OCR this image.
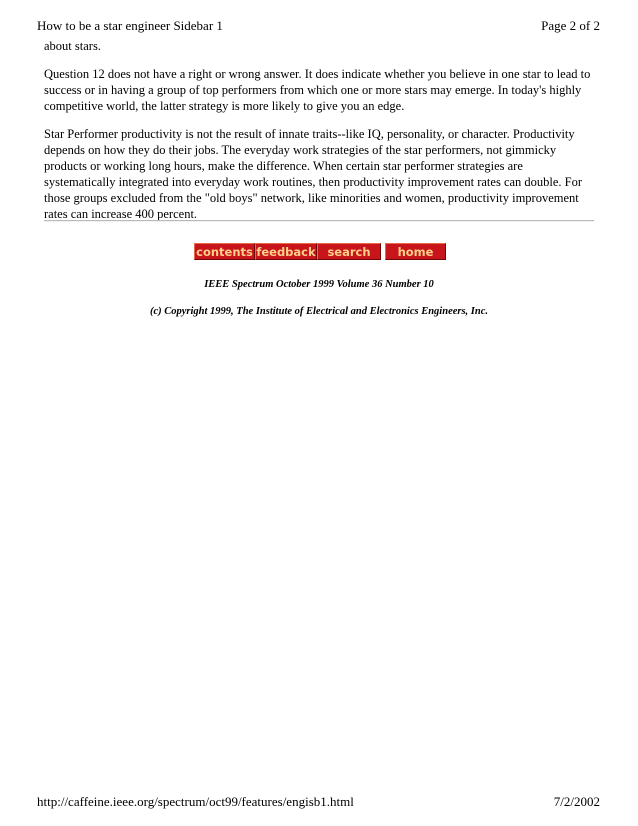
How to be a star engineer Sidebar 1	Page 2 of 2

about stars.

Question 12 does not have a right or wrong answer. It does indicate whether you believe in one star to lead to success or in having a group of top performers from which one or more stars may emerge. In today's highly competitive world, the latter strategy is more likely to give you an edge.

Star Performer productivity is not the result of innate traits--like IQ, personality, or character. Productivity depends on how they do their jobs. The everyday work strategies of the star performers, not gimmicky products or working long hours, make the difference. When certain star performer strategies are systematically integrated into everyday work routines, then productivity improvement rates can double. For those groups excluded from the "old boys" network, like minorities and women, productivity improvement rates can increase 400 percent.

contents feedback	search	home
IEEE Spectrum October 1999 Volume 36 Number 10
(c) Copyright 1999, The Institute of Electrical and Electronics Engineers, Inc.
http://caffeine.ieee.org/spectrum/oct99/features/engisb1.html	7/2/2002
